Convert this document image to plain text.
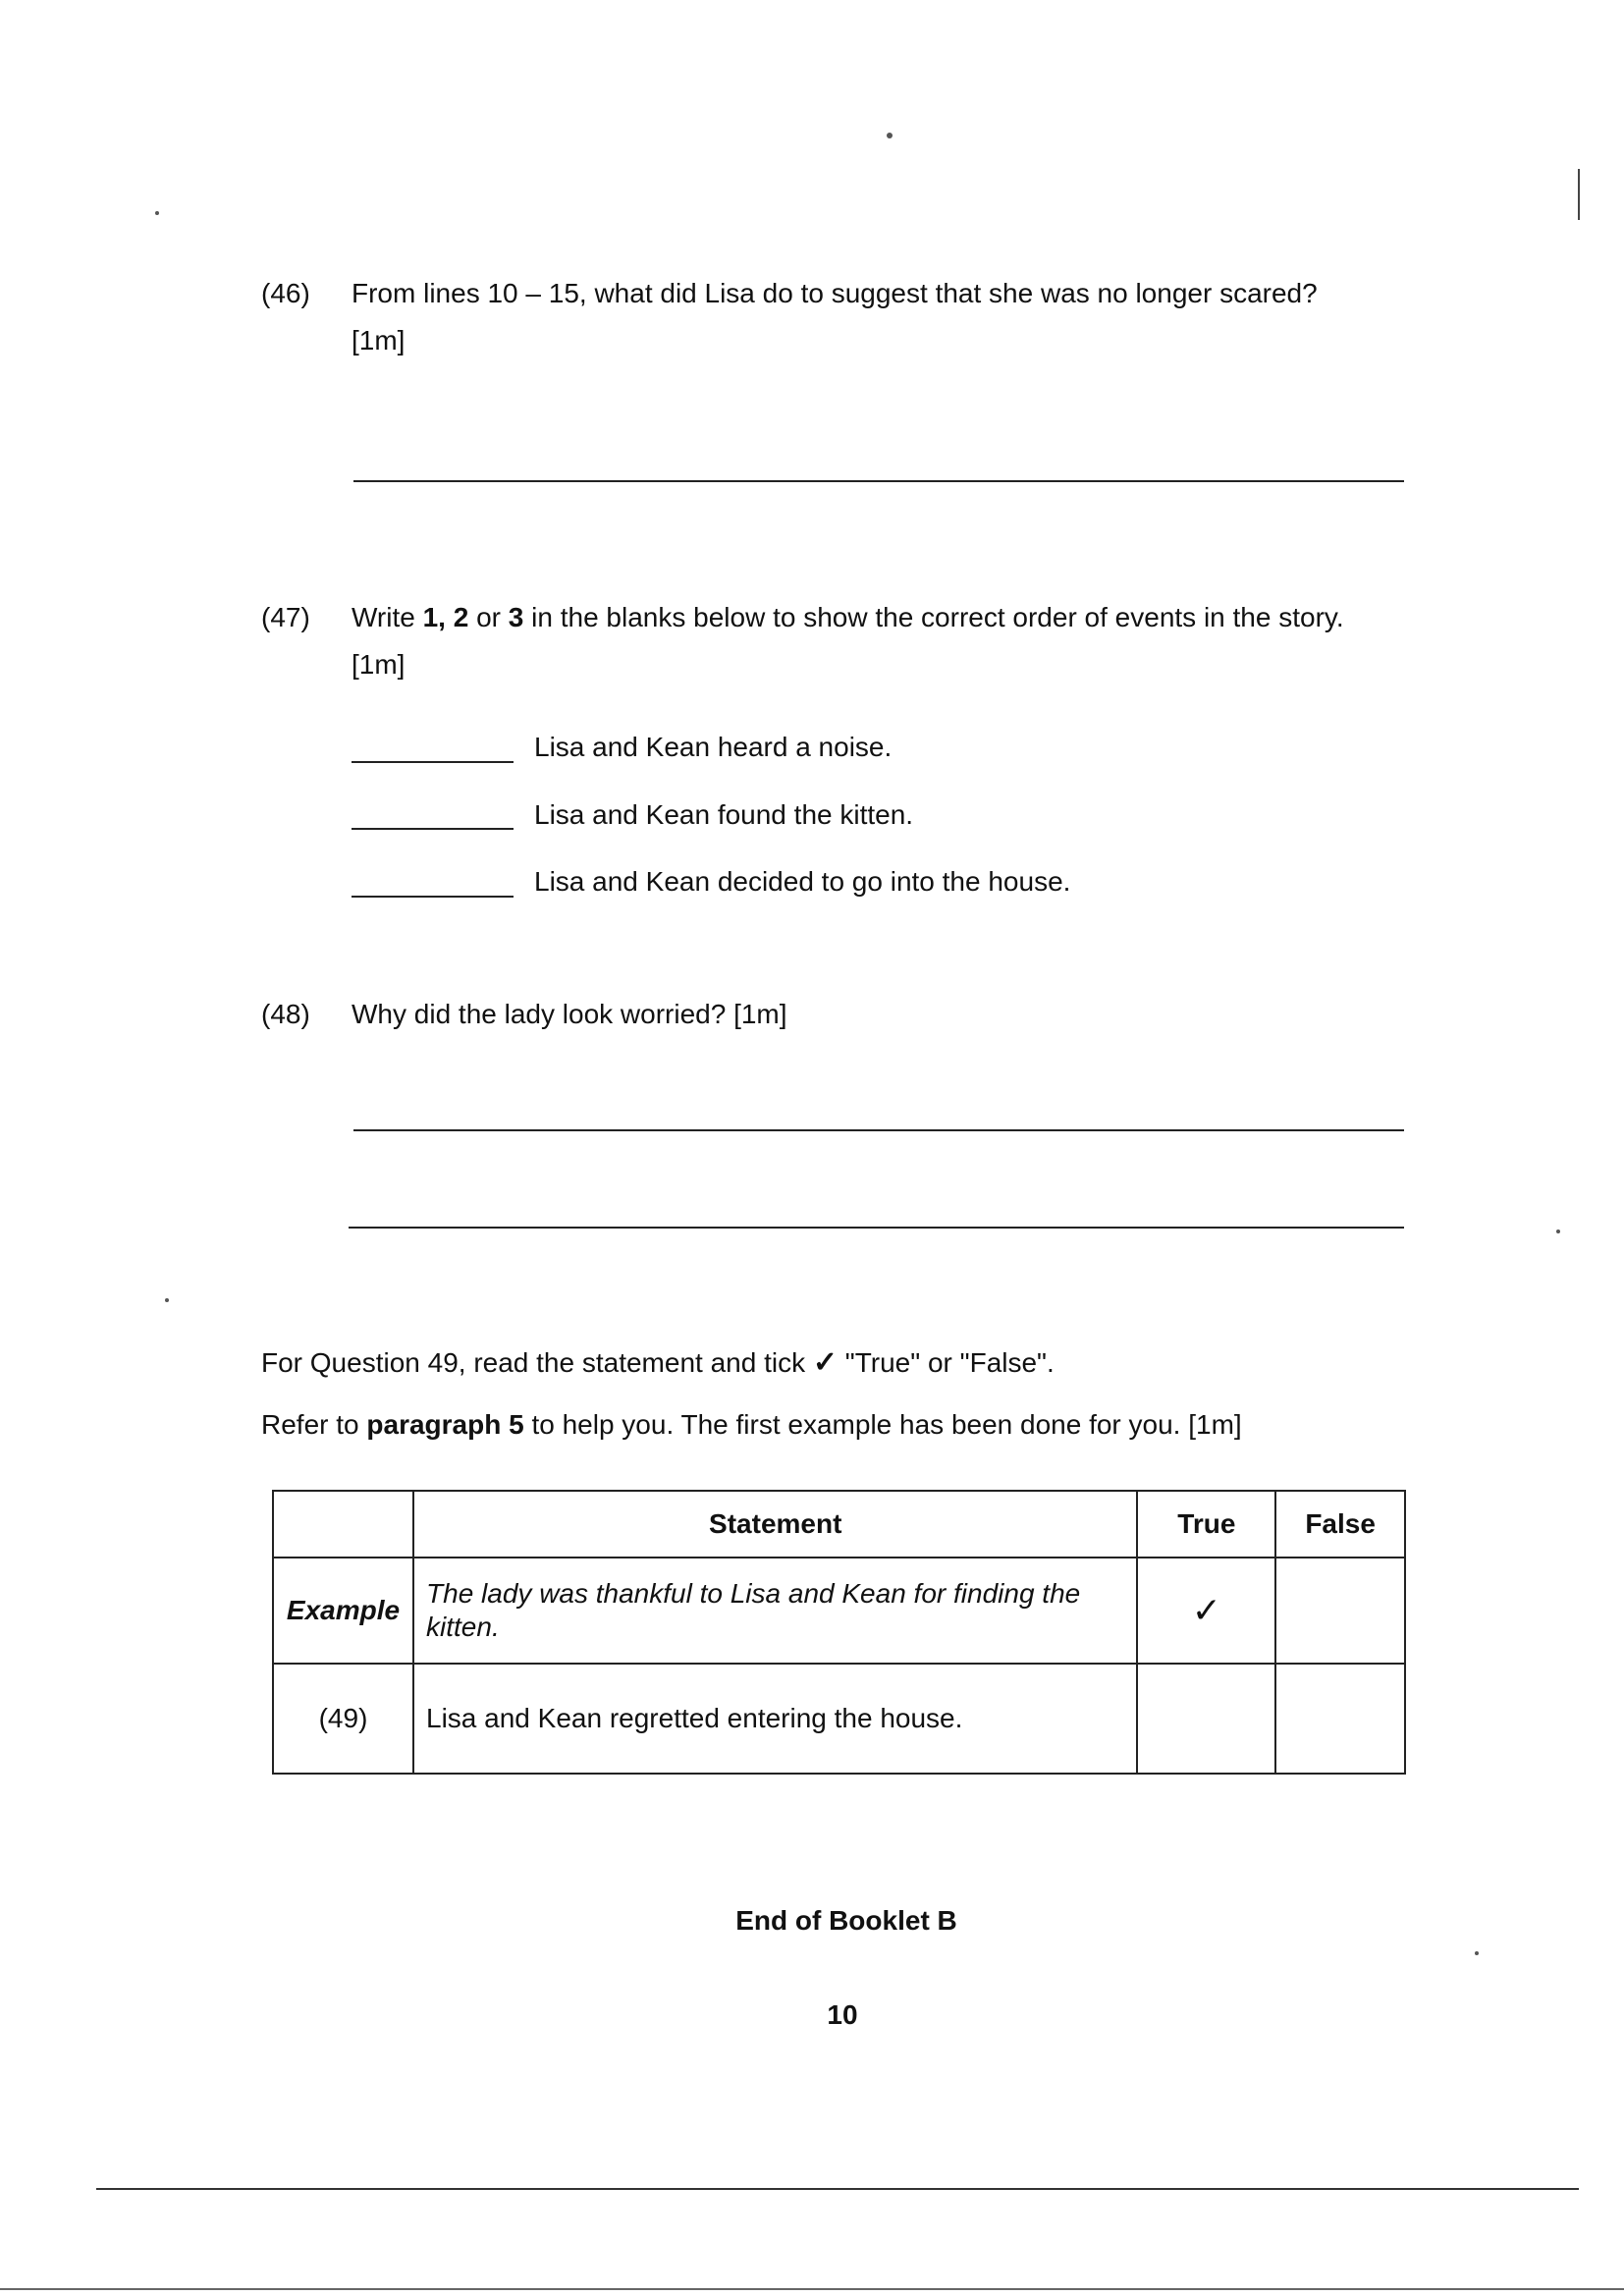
(46) From lines 10 – 15, what did Lisa do to suggest that she was no longer scared?
[1m]
(47) Write 1, 2 or 3 in the blanks below to show the correct order of events in the story.
[1m]
Lisa and Kean heard a noise.
Lisa and Kean found the kitten.
Lisa and Kean decided to go into the house.
(48) Why did the lady look worried? [1m]
For Question 49, read the statement and tick ✓ "True" or "False".
Refer to paragraph 5 to help you. The first example has been done for you. [1m]
	Statement	True	False
Example	The lady was thankful to Lisa and Kean for finding the kitten.	✓	
(49)	Lisa and Kean regretted entering the house.		
End of Booklet B
10
